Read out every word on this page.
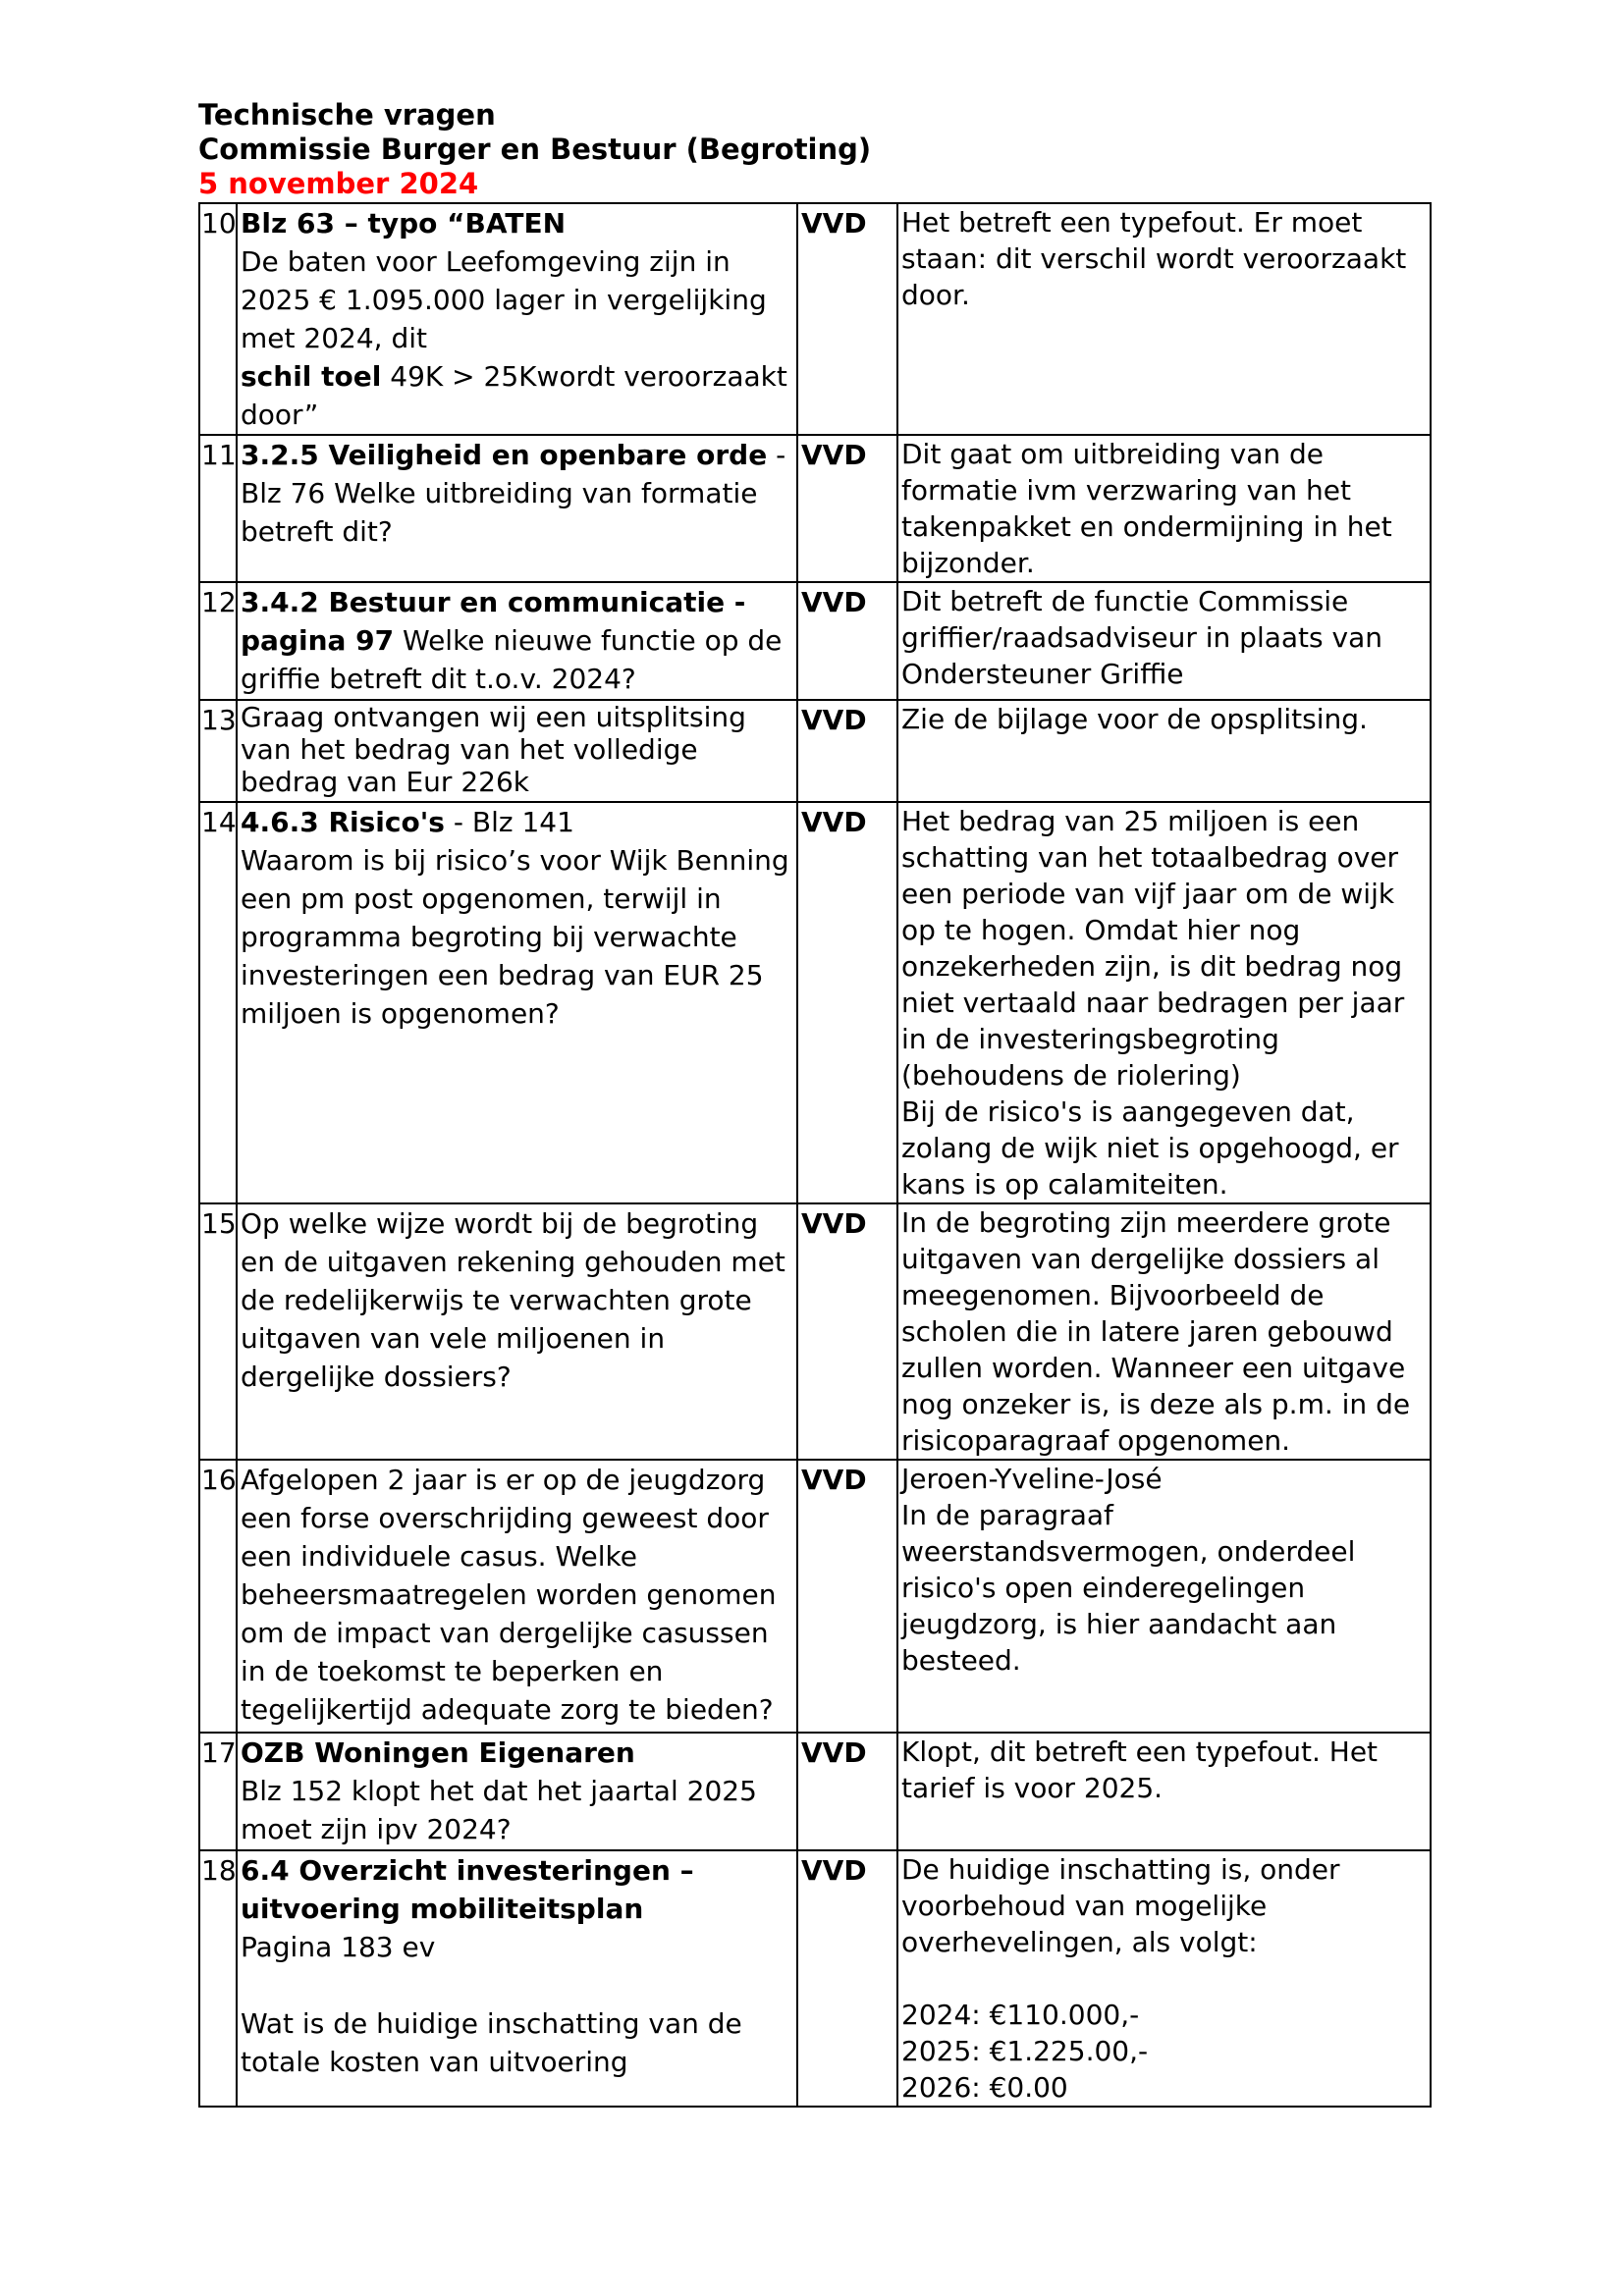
Technische vragen
Commissie Burger en Bestuur (Begroting)
5 november 2024
10	Blz 63 – typo “BATEN
De baten voor Leefomgeving zijn in 2025 € 1.095.000 lager in vergelijking met 2024, dit
schil toel 49K > 25Kwordt veroorzaakt door”	VVD	Het betreft een typefout. Er moet staan: dit verschil wordt veroorzaakt door.
11	3.2.5 Veiligheid en openbare orde - Blz 76 Welke uitbreiding van formatie betreft dit?	VVD	Dit gaat om uitbreiding van de formatie ivm verzwaring van het takenpakket en ondermijning in het bijzonder.
12	3.4.2 Bestuur en communicatie - pagina 97 Welke nieuwe functie op de griffie betreft dit t.o.v. 2024?	VVD	Dit betreft de functie Commissie griffier/raadsadviseur in plaats van Ondersteuner Griffie
13	Graag ontvangen wij een uitsplitsing van het bedrag van het volledige bedrag van Eur 226k	VVD	Zie de bijlage voor de opsplitsing.
14	4.6.3 Risico's - Blz 141
Waarom is bij risico’s voor Wijk Benning een pm post opgenomen, terwijl in programma begroting bij verwachte investeringen een bedrag van EUR 25 miljoen is opgenomen?	VVD	Het bedrag van 25 miljoen is een schatting van het totaalbedrag over een periode van vijf jaar om de wijk op te hogen. Omdat hier nog onzekerheden zijn, is dit bedrag nog niet vertaald naar bedragen per jaar in de investeringsbegroting (behoudens de riolering)
Bij de risico's is aangegeven dat, zolang de wijk niet is opgehoogd, er kans is op calamiteiten.
15	Op welke wijze wordt bij de begroting en de uitgaven rekening gehouden met de redelijkerwijs te verwachten grote uitgaven van vele miljoenen in dergelijke dossiers?	VVD	In de begroting zijn meerdere grote uitgaven van dergelijke dossiers al meegenomen. Bijvoorbeeld de scholen die in latere jaren gebouwd zullen worden. Wanneer een uitgave nog onzeker is, is deze als p.m. in de risicoparagraaf opgenomen.
16	Afgelopen 2 jaar is er op de jeugdzorg een forse overschrijding geweest door een individuele casus. Welke beheersmaatregelen worden genomen om de impact van dergelijke casussen in de toekomst te beperken en tegelijkertijd adequate zorg te bieden?	VVD	Jeroen-Yveline-José
In de paragraaf weerstandsvermogen, onderdeel risico's open einderegelingen jeugdzorg, is hier aandacht aan besteed.
17	OZB Woningen Eigenaren
Blz 152 klopt het dat het jaartal 2025 moet zijn ipv 2024?	VVD	Klopt, dit betreft een typefout. Het tarief is voor 2025.
18	6.4 Overzicht investeringen – uitvoering mobiliteitsplan
Pagina 183 ev
Wat is de huidige inschatting van de totale kosten van uitvoering	VVD	De huidige inschatting is, onder voorbehoud van mogelijke overhevelingen, als volgt:
2024: €110.000,-
2025: €1.225.00,-
2026: €0.00
